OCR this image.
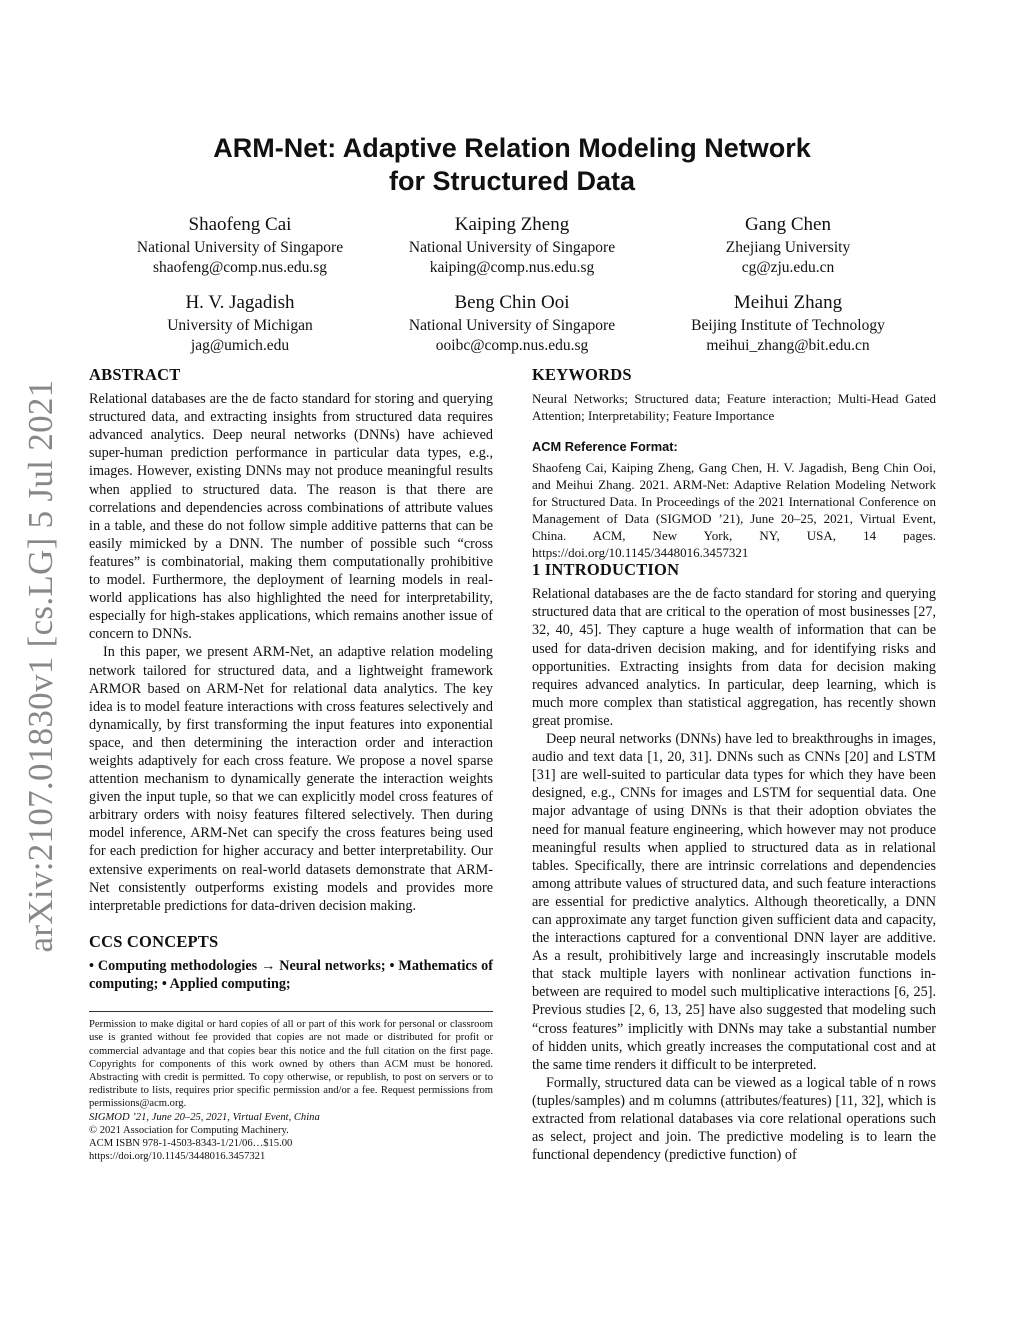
arXiv:2107.01830v1 [cs.LG] 5 Jul 2021
ARM-Net: Adaptive Relation Modeling Network
for Structured Data
Shaofeng Cai
National University of Singapore
shaofeng@comp.nus.edu.sg
Kaiping Zheng
National University of Singapore
kaiping@comp.nus.edu.sg
Gang Chen
Zhejiang University
cg@zju.edu.cn
H. V. Jagadish
University of Michigan
jag@umich.edu
Beng Chin Ooi
National University of Singapore
ooibc@comp.nus.edu.sg
Meihui Zhang
Beijing Institute of Technology
meihui_zhang@bit.edu.cn
ABSTRACT

Relational databases are the de facto standard for storing and querying structured data, and extracting insights from structured data requires advanced analytics. Deep neural networks (DNNs) have achieved super-human prediction performance in particular data types, e.g., images. However, existing DNNs may not produce meaningful results when applied to structured data. The reason is that there are correlations and dependencies across combinations of attribute values in a table, and these do not follow simple additive patterns that can be easily mimicked by a DNN. The number of possible such “cross features” is combinatorial, making them computationally prohibitive to model. Furthermore, the deployment of learning models in real-world applications has also highlighted the need for interpretability, especially for high-stakes applications, which remains another issue of concern to DNNs.

In this paper, we present ARM-Net, an adaptive relation modeling network tailored for structured data, and a lightweight framework ARMOR based on ARM-Net for relational data analytics. The key idea is to model feature interactions with cross features selectively and dynamically, by first transforming the input features into exponential space, and then determining the interaction order and interaction weights adaptively for each cross feature. We propose a novel sparse attention mechanism to dynamically generate the interaction weights given the input tuple, so that we can explicitly model cross features of arbitrary orders with noisy features filtered selectively. Then during model inference, ARM-Net can specify the cross features being used for each prediction for higher accuracy and better interpretability. Our extensive experiments on real-world datasets demonstrate that ARM-Net consistently outperforms existing models and provides more interpretable predictions for data-driven decision making.

CCS CONCEPTS

• Computing methodologies → Neural networks; • Mathematics of computing; • Applied computing;

Permission to make digital or hard copies of all or part of this work for personal or classroom use is granted without fee provided that copies are not made or distributed for profit or commercial advantage and that copies bear this notice and the full citation on the first page. Copyrights for components of this work owned by others than ACM must be honored. Abstracting with credit is permitted. To copy otherwise, or republish, to post on servers or to redistribute to lists, requires prior specific permission and/or a fee. Request permissions from permissions@acm.org.
SIGMOD ’21, June 20–25, 2021, Virtual Event, China
© 2021 Association for Computing Machinery.
ACM ISBN 978-1-4503-8343-1/21/06…$15.00
https://doi.org/10.1145/3448016.3457321
KEYWORDS

Neural Networks; Structured data; Feature interaction; Multi-Head Gated Attention; Interpretability; Feature Importance

ACM Reference Format:

Shaofeng Cai, Kaiping Zheng, Gang Chen, H. V. Jagadish, Beng Chin Ooi, and Meihui Zhang. 2021. ARM-Net: Adaptive Relation Modeling Network for Structured Data. In Proceedings of the 2021 International Conference on Management of Data (SIGMOD ’21), June 20–25, 2021, Virtual Event, China. ACM, New York, NY, USA, 14 pages. https://doi.org/10.1145/3448016.3457321

1 INTRODUCTION

Relational databases are the de facto standard for storing and querying structured data that are critical to the operation of most businesses [27, 32, 40, 45]. They capture a huge wealth of information that can be used for data-driven decision making, and for identifying risks and opportunities. Extracting insights from data for decision making requires advanced analytics. In particular, deep learning, which is much more complex than statistical aggregation, has recently shown great promise.

Deep neural networks (DNNs) have led to breakthroughs in images, audio and text data [1, 20, 31]. DNNs such as CNNs [20] and LSTM [31] are well-suited to particular data types for which they have been designed, e.g., CNNs for images and LSTM for sequential data. One major advantage of using DNNs is that their adoption obviates the need for manual feature engineering, which however may not produce meaningful results when applied to structured data as in relational tables. Specifically, there are intrinsic correlations and dependencies among attribute values of structured data, and such feature interactions are essential for predictive analytics. Although theoretically, a DNN can approximate any target function given sufficient data and capacity, the interactions captured for a conventional DNN layer are additive. As a result, prohibitively large and increasingly inscrutable models that stack multiple layers with nonlinear activation functions in-between are required to model such multiplicative interactions [6, 25]. Previous studies [2, 6, 13, 25] have also suggested that modeling such “cross features” implicitly with DNNs may take a substantial number of hidden units, which greatly increases the computational cost and at the same time renders it difficult to be interpreted.

Formally, structured data can be viewed as a logical table of n rows (tuples/samples) and m columns (attributes/features) [11, 32], which is extracted from relational databases via core relational operations such as select, project and join. The predictive modeling is to learn the functional dependency (predictive function) of
